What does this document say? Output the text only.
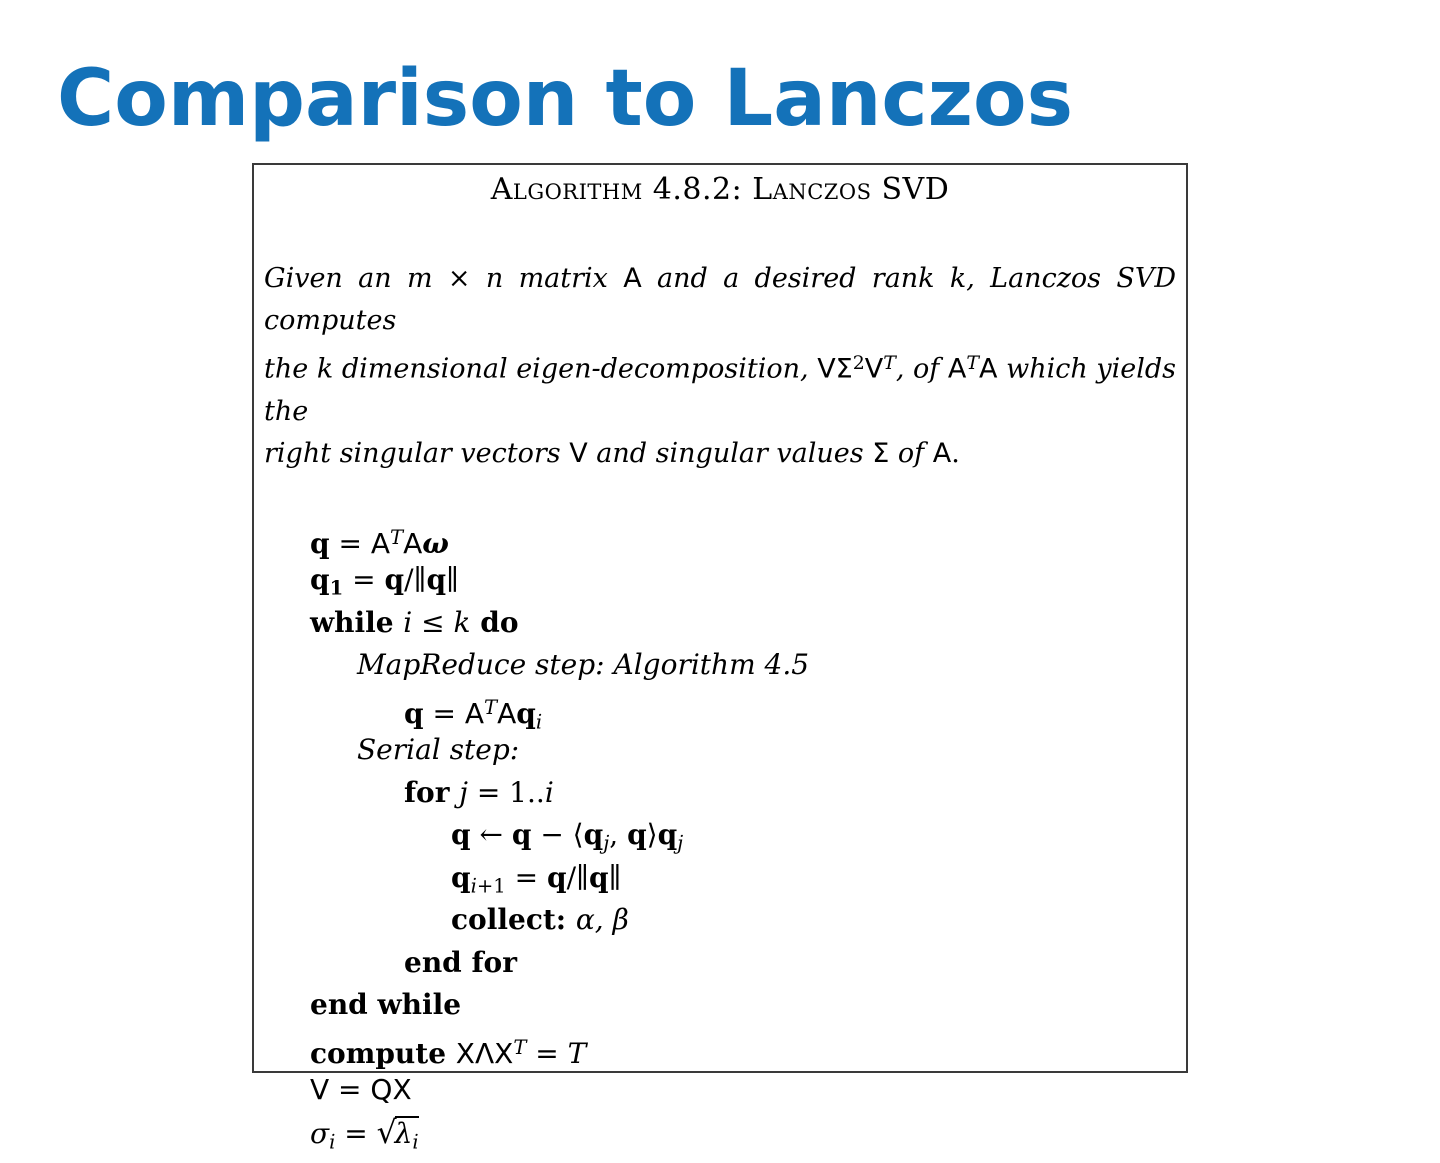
Comparison to Lanczos
Algorithm 4.8.2: Lanczos SVD
Given an m × n matrix A and a desired rank k, Lanczos SVD computes
the k dimensional eigen-decomposition, $V\Sigma^2V^T$, of $A^TA$ which yields the
right singular vectors V and singular values Σ of A.
$q = A^TA\omega$
q1 = q/∥q∥
while i ≤ k do
MapReduce step: Algorithm 4.5
$q = A^TAqi$
Serial step:
for j = 1..i
q ← q − ⟨qj, q⟩qj
qi+1 = q/∥q∥
collect: α, β
end for
end while
compute $X\Lambda X^T = T$
V = QX
σi = √λi
